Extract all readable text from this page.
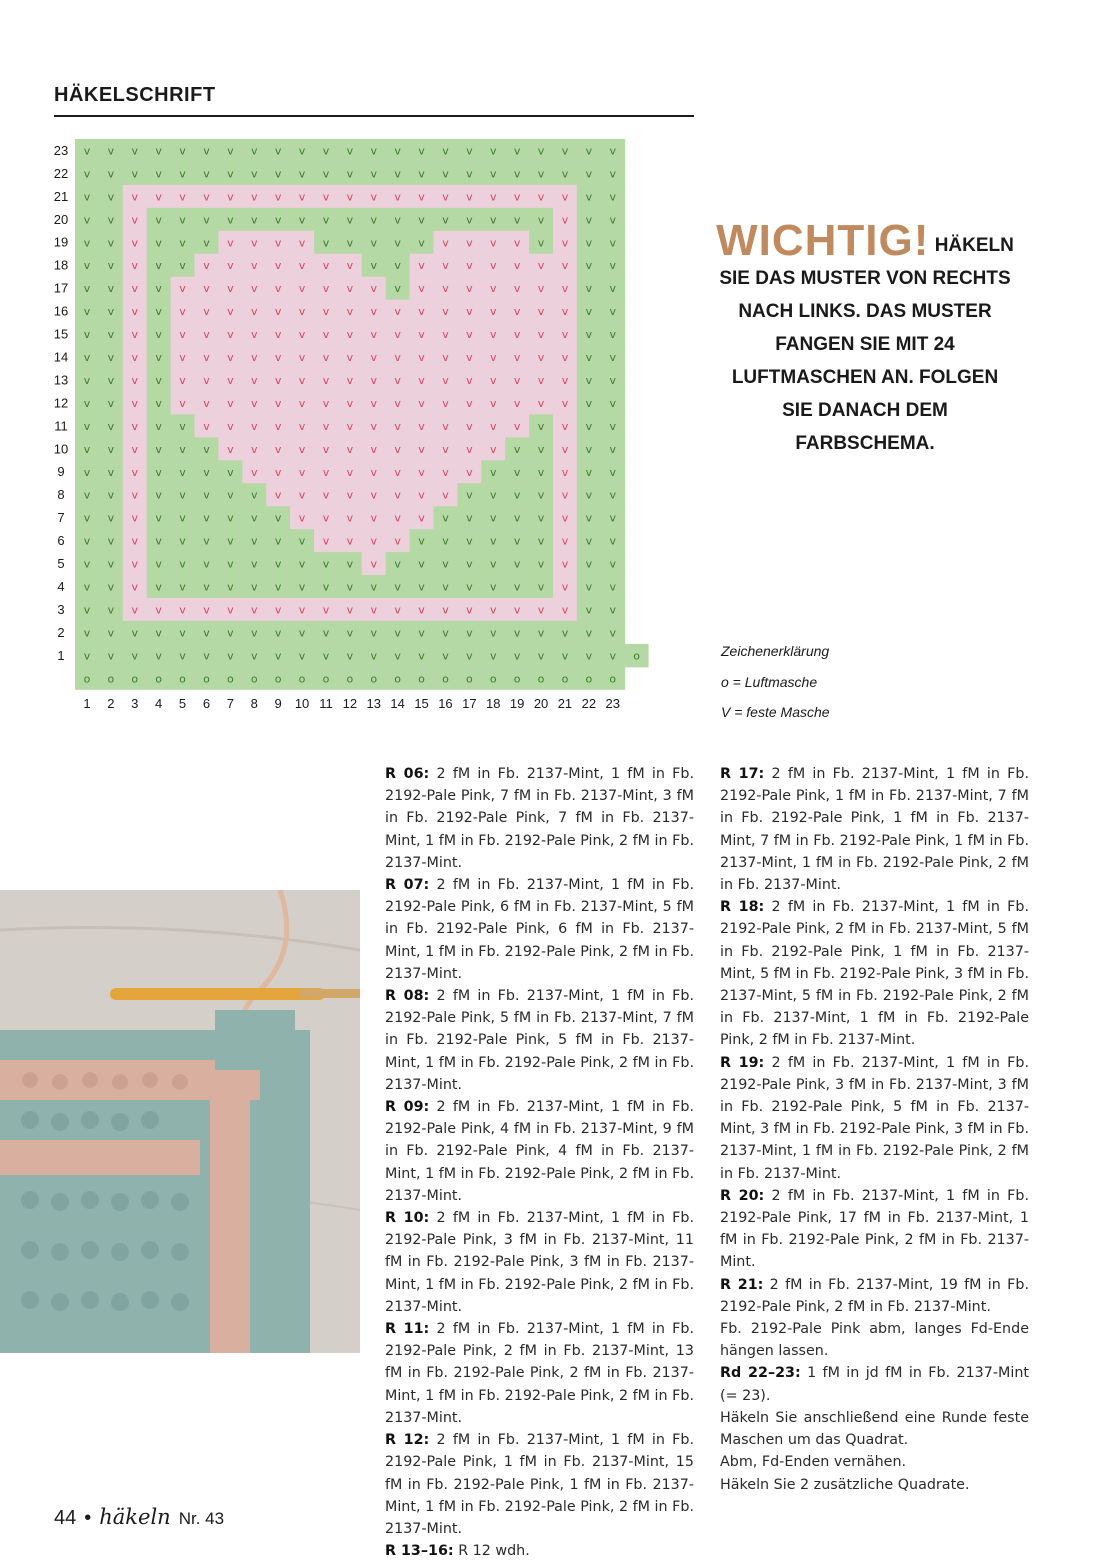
HÄKELSCHRIFT
v v v v v v v v v v v v v v v v v v v v v v v
v v v v v v v v v v v v v v v v v v v v v v v
v v v v v v v v v v v v v v v v v v v v v v v
v v v v v v v v v v v v v v v v v v v v v v v
v v v v v v v v v v v v v v v v v v v v v v v
v v v v v v v v v v v v v v v v v v v v v v v
v v v v v v v v v v v v v v v v v v v v v v v
v v v v v v v v v v v v v v v v v v v v v v v
v v v v v v v v v v v v v v v v v v v v v v v
v v v v v v v v v v v v v v v v v v v v v v v
v v v v v v v v v v v v v v v v v v v v v v v
v v v v v v v v v v v v v v v v v v v v v v v
v v v v v v v v v v v v v v v v v v v v v v v
v v v v v v v v v v v v v v v v v v v v v v v
v v v v v v v v v v v v v v v v v v v v v v v
v v v v v v v v v v v v v v v v v v v v v v v
v v v v v v v v v v v v v v v v v v v v v v v
v v v v v v v v v v v v v v v v v v v v v v v
v v v v v v v v v v v v v v v v v v v v v v v
v v v v v v v v v v v v v v v v v v v v v v v
v v v v v v v v v v v v v v v v v v v v v v v
v v v v v v v v v v v v v v v v v v v v v v v
v v v v v v v v v v v v v v v v v v v v v v v o
o o o o o o o o o o o o o o o o o o o o o o o
23
22
21
20
19
18
17
16
15
14
13
12
11
10
9
8
7
6
5
4
3
2
1
1 2 3 4 5 6 7 8 9 10 11 12 13 14 15 16 17 18 19 20 21 22 23
WICHTIG! HÄKELN SIE DAS MUSTER VON RECHTS NACH LINKS. DAS MUSTER FANGEN SIE MIT 24 LUFTMASCHEN AN. FOLGEN SIE DANACH DEM FARBSCHEMA.
Zeichenerklärung
o = Luftmasche
V = feste Masche

R 06: 2 fM in Fb. 2137-Mint, 1 fM in Fb. 2192-Pale Pink, 7 fM in Fb. 2137-Mint, 3 fM in Fb. 2192-Pale Pink, 7 fM in Fb. 2137-Mint, 1 fM in Fb. 2192-Pale Pink, 2 fM in Fb. 2137-Mint.

R 07: 2 fM in Fb. 2137-Mint, 1 fM in Fb. 2192-Pale Pink, 6 fM in Fb. 2137-Mint, 5 fM in Fb. 2192-Pale Pink, 6 fM in Fb. 2137-Mint, 1 fM in Fb. 2192-Pale Pink, 2 fM in Fb. 2137-Mint.

R 08: 2 fM in Fb. 2137-Mint, 1 fM in Fb. 2192-Pale Pink, 5 fM in Fb. 2137-Mint, 7 fM in Fb. 2192-Pale Pink, 5 fM in Fb. 2137-Mint, 1 fM in Fb. 2192-Pale Pink, 2 fM in Fb. 2137-Mint.

R 09: 2 fM in Fb. 2137-Mint, 1 fM in Fb. 2192-Pale Pink, 4 fM in Fb. 2137-Mint, 9 fM in Fb. 2192-Pale Pink, 4 fM in Fb. 2137-Mint, 1 fM in Fb. 2192-Pale Pink, 2 fM in Fb. 2137-Mint.

R 10: 2 fM in Fb. 2137-Mint, 1 fM in Fb. 2192-Pale Pink, 3 fM in Fb. 2137-Mint, 11 fM in Fb. 2192-Pale Pink, 3 fM in Fb. 2137-Mint, 1 fM in Fb. 2192-Pale Pink, 2 fM in Fb. 2137-Mint.

R 11: 2 fM in Fb. 2137-Mint, 1 fM in Fb. 2192-Pale Pink, 2 fM in Fb. 2137-Mint, 13 fM in Fb. 2192-Pale Pink, 2 fM in Fb. 2137-Mint, 1 fM in Fb. 2192-Pale Pink, 2 fM in Fb. 2137-Mint.

R 12: 2 fM in Fb. 2137-Mint, 1 fM in Fb. 2192-Pale Pink, 1 fM in Fb. 2137-Mint, 15 fM in Fb. 2192-Pale Pink, 1 fM in Fb. 2137-Mint, 1 fM in Fb. 2192-Pale Pink, 2 fM in Fb. 2137-Mint.

R 13–16: R 12 wdh.

R 17: 2 fM in Fb. 2137-Mint, 1 fM in Fb. 2192-Pale Pink, 1 fM in Fb. 2137-Mint, 7 fM in Fb. 2192-Pale Pink, 1 fM in Fb. 2137-Mint, 7 fM in Fb. 2192-Pale Pink, 1 fM in Fb. 2137-Mint, 1 fM in Fb. 2192-Pale Pink, 2 fM in Fb. 2137-Mint.

R 18: 2 fM in Fb. 2137-Mint, 1 fM in Fb. 2192-Pale Pink, 2 fM in Fb. 2137-Mint, 5 fM in Fb. 2192-Pale Pink, 1 fM in Fb. 2137-Mint, 5 fM in Fb. 2192-Pale Pink, 3 fM in Fb. 2137-Mint, 5 fM in Fb. 2192-Pale Pink, 2 fM in Fb. 2137-Mint, 1 fM in Fb. 2192-Pale Pink, 2 fM in Fb. 2137-Mint.

R 19: 2 fM in Fb. 2137-Mint, 1 fM in Fb. 2192-Pale Pink, 3 fM in Fb. 2137-Mint, 3 fM in Fb. 2192-Pale Pink, 5 fM in Fb. 2137-Mint, 3 fM in Fb. 2192-Pale Pink, 3 fM in Fb. 2137-Mint, 1 fM in Fb. 2192-Pale Pink, 2 fM in Fb. 2137-Mint.

R 20: 2 fM in Fb. 2137-Mint, 1 fM in Fb. 2192-Pale Pink, 17 fM in Fb. 2137-Mint, 1 fM in Fb. 2192-Pale Pink, 2 fM in Fb. 2137-Mint.

R 21: 2 fM in Fb. 2137-Mint, 19 fM in Fb. 2192-Pale Pink, 2 fM in Fb. 2137-Mint.

Fb. 2192-Pale Pink abm, langes Fd-Ende hängen lassen.

Rd 22–23: 1 fM in jd fM in Fb. 2137-Mint (= 23).

Häkeln Sie anschließend eine Runde feste Maschen um das Quadrat.

Abm, Fd-Enden vernähen.

Häkeln Sie 2 zusätzliche Quadrate.

44 • häkeln Nr. 43
